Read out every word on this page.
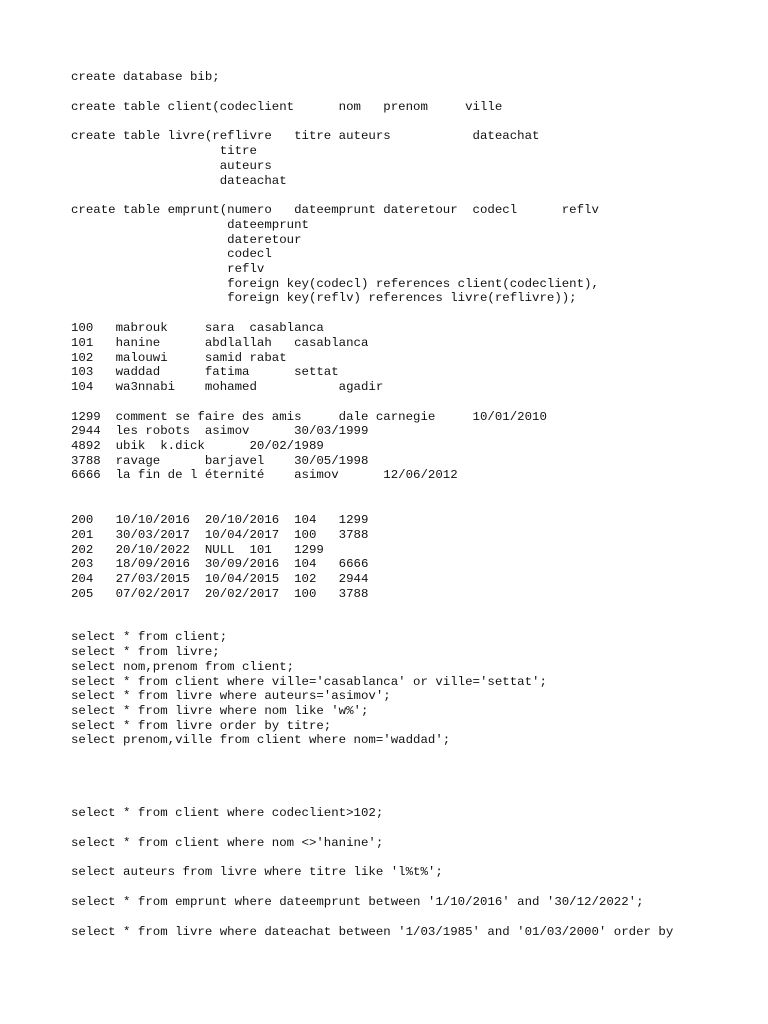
create database bib;
create table client(codeclient      nom   prenom     ville
create table livre(reflivre   titre auteurs           dateachat
titre
auteurs
dateachat
create table emprunt(numero   dateemprunt dateretour  codecl      reflv
dateemprunt
dateretour
codecl
reflv
foreign key(codecl) references client(codeclient),
foreign key(reflv) references livre(reflivre));
100   mabrouk     sara  casablanca
101   hanine      abdlallah   casablanca
102   malouwi     samid rabat
103   waddad      fatima      settat
104   wa3nnabi    mohamed           agadir
1299  comment se faire des amis     dale carnegie     10/01/2010
2944  les robots  asimov      30/03/1999
4892  ubik  k.dick      20/02/1989
3788  ravage      barjavel    30/05/1998
6666  la fin de l éternité    asimov      12/06/2012
200   10/10/2016  20/10/2016  104   1299
201   30/03/2017  10/04/2017  100   3788
202   20/10/2022  NULL  101   1299
203   18/09/2016  30/09/2016  104   6666
204   27/03/2015  10/04/2015  102   2944
205   07/02/2017  20/02/2017  100   3788
select * from client;
select * from livre;
select nom,prenom from client;
select * from client where ville='casablanca' or ville='settat';
select * from livre where auteurs='asimov';
select * from livre where nom like 'w%';
select * from livre order by titre;
select prenom,ville from client where nom='waddad';
select * from client where codeclient>102;
select * from client where nom <>'hanine';
select auteurs from livre where titre like 'l%t%';
select * from emprunt where dateemprunt between '1/10/2016' and '30/12/2022';
select * from livre where dateachat between '1/03/1985' and '01/03/2000' order by
